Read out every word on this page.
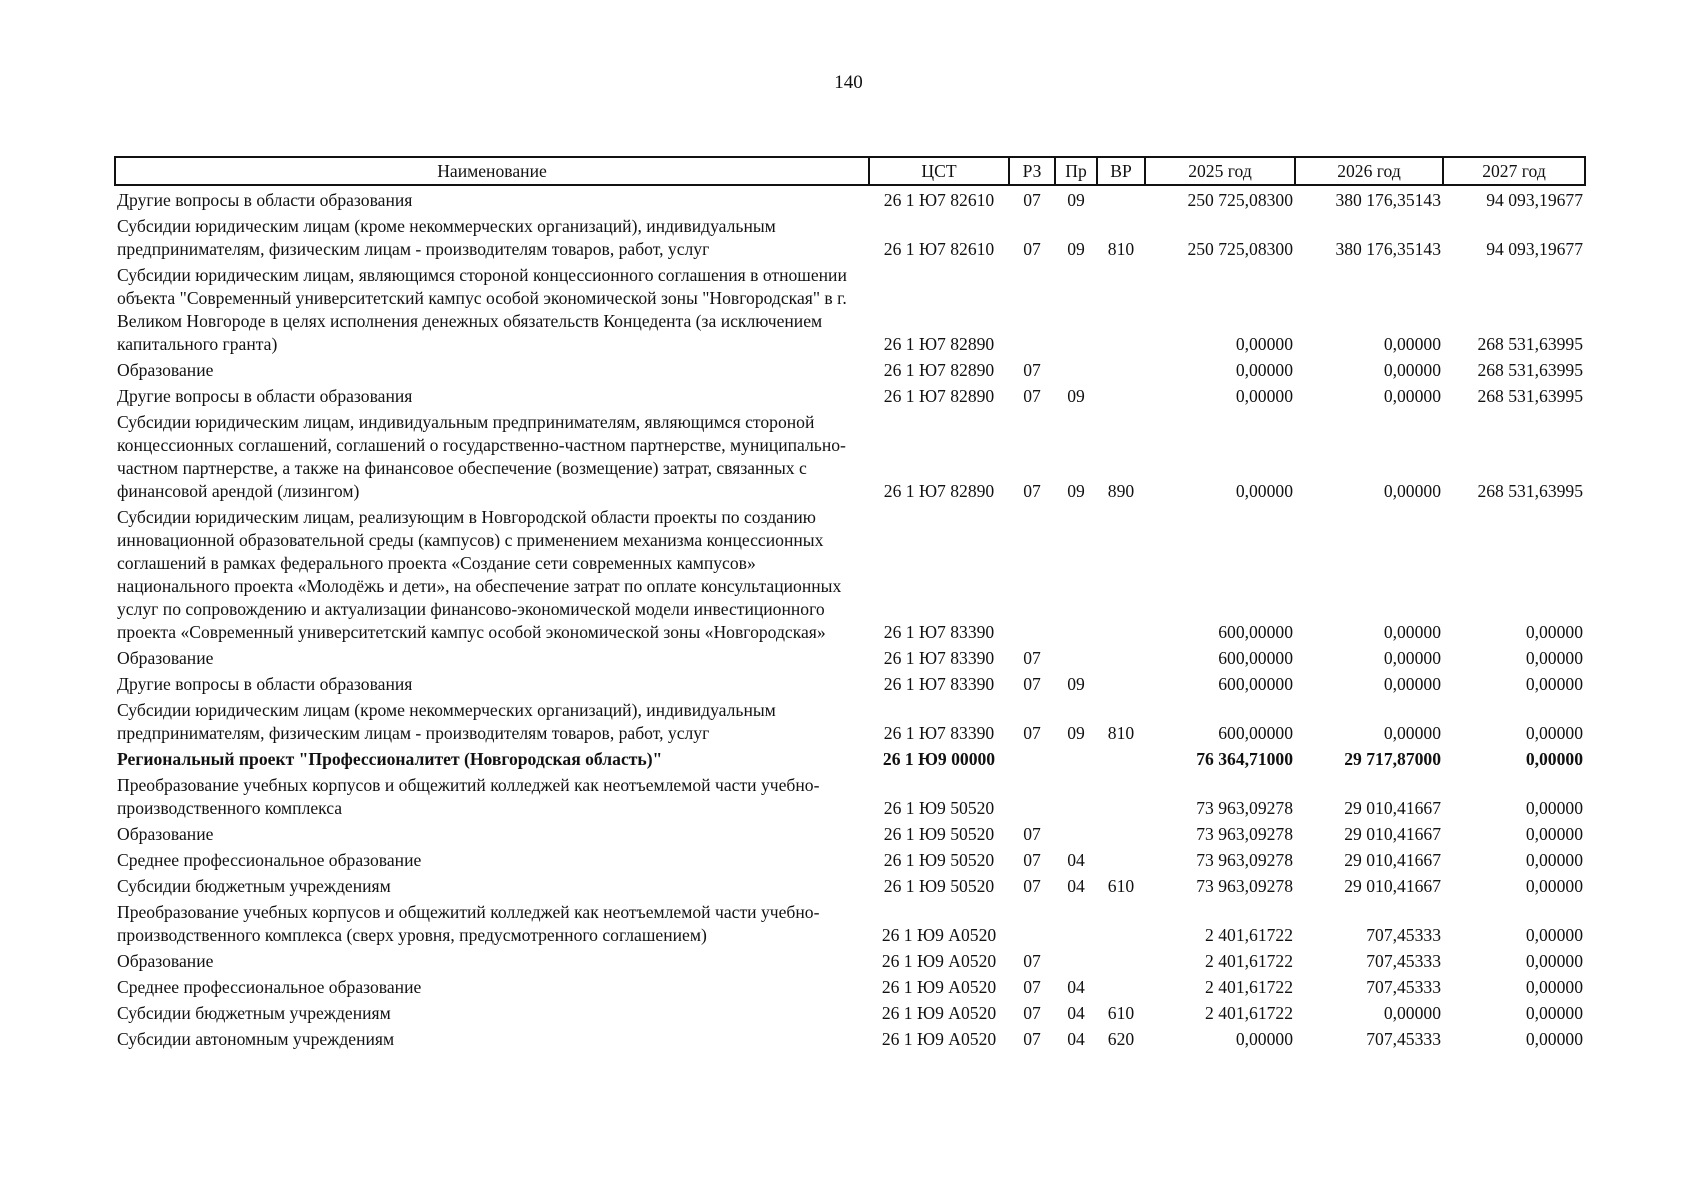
140
Наименование	ЦСТ	РЗ	Пр	ВР	2025 год	2026 год	2027 год
Другие вопросы в области образования	26 1 Ю7 82610	07	09		250 725,08300	380 176,35143	94 093,19677
Субсидии юридическим лицам (кроме некоммерческих организаций), индивидуальным предпринимателям, физическим лицам - производителям товаров, работ, услуг	26 1 Ю7 82610	07	09	810	250 725,08300	380 176,35143	94 093,19677
Субсидии юридическим лицам, являющимся стороной концессионного соглашения в отношении объекта "Современный университетский кампус особой экономической зоны "Новгородская" в г. Великом Новгороде в целях исполнения денежных обязательств Концедента (за исключением капитального гранта)	26 1 Ю7 82890				0,00000	0,00000	268 531,63995
Образование	26 1 Ю7 82890	07			0,00000	0,00000	268 531,63995
Другие вопросы в области образования	26 1 Ю7 82890	07	09		0,00000	0,00000	268 531,63995
Субсидии юридическим лицам, индивидуальным предпринимателям, являющимся стороной концессионных соглашений, соглашений о государственно-частном партнерстве, муниципально-частном партнерстве, а также на финансовое обеспечение (возмещение) затрат, связанных с финансовой арендой (лизингом)	26 1 Ю7 82890	07	09	890	0,00000	0,00000	268 531,63995
Субсидии юридическим лицам, реализующим в Новгородской области проекты по созданию инновационной образовательной среды (кампусов) с применением механизма концессионных соглашений в рамках федерального проекта «Создание сети современных кампусов» национального проекта «Молодёжь и дети», на обеспечение затрат по оплате консультационных услуг по сопровождению и актуализации финансово-экономической модели инвестиционного проекта «Современный университетский кампус особой экономической зоны «Новгородская»	26 1 Ю7 83390				600,00000	0,00000	0,00000
Образование	26 1 Ю7 83390	07			600,00000	0,00000	0,00000
Другие вопросы в области образования	26 1 Ю7 83390	07	09		600,00000	0,00000	0,00000
Субсидии юридическим лицам (кроме некоммерческих организаций), индивидуальным предпринимателям, физическим лицам - производителям товаров, работ, услуг	26 1 Ю7 83390	07	09	810	600,00000	0,00000	0,00000
Региональный проект "Профессионалитет (Новгородская область)"	26 1 Ю9 00000				76 364,71000	29 717,87000	0,00000
Преобразование учебных корпусов и общежитий колледжей как неотъемлемой части учебно-производственного комплекса	26 1 Ю9 50520				73 963,09278	29 010,41667	0,00000
Образование	26 1 Ю9 50520	07			73 963,09278	29 010,41667	0,00000
Среднее профессиональное образование	26 1 Ю9 50520	07	04		73 963,09278	29 010,41667	0,00000
Субсидии бюджетным учреждениям	26 1 Ю9 50520	07	04	610	73 963,09278	29 010,41667	0,00000
Преобразование учебных корпусов и общежитий колледжей как неотъемлемой части учебно-производственного комплекса (сверх уровня, предусмотренного соглашением)	26 1 Ю9 А0520				2 401,61722	707,45333	0,00000
Образование	26 1 Ю9 А0520	07			2 401,61722	707,45333	0,00000
Среднее профессиональное образование	26 1 Ю9 А0520	07	04		2 401,61722	707,45333	0,00000
Субсидии бюджетным учреждениям	26 1 Ю9 А0520	07	04	610	2 401,61722	0,00000	0,00000
Субсидии автономным учреждениям	26 1 Ю9 А0520	07	04	620	0,00000	707,45333	0,00000
